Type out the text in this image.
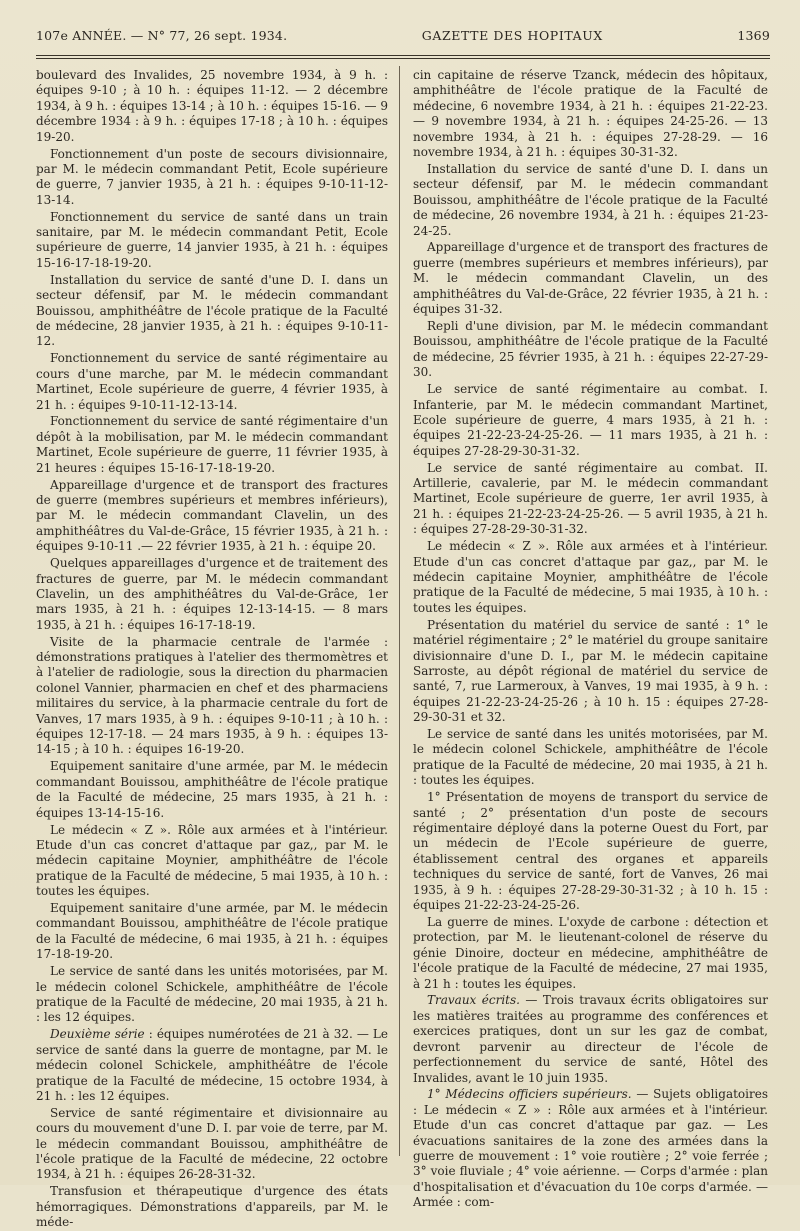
107e ANNÉE. — N° 77, 26 sept. 1934.	GAZETTE DES HOPITAUX	1369

boulevard des Invalides, 25 novembre 1934, à 9 h. : équipes 9-10 ; à 10 h. : équipes 11-12. — 2 décembre 1934, à 9 h. : équipes 13-14 ; à 10 h. : équipes 15-16. — 9 décembre 1934 : à 9 h. : équipes 17-18 ; à 10 h. : équipes 19-20.

Fonctionnement d'un poste de secours divisionnaire, par M. le médecin commandant Petit, Ecole supérieure de guerre, 7 janvier 1935, à 21 h. : équipes 9-10-11-12-13-14.

Fonctionnement du service de santé dans un train sanitaire, par M. le médecin commandant Petit, Ecole supérieure de guerre, 14 janvier 1935, à 21 h. : équipes 15-16-17-18-19-20.

Installation du service de santé d'une D. I. dans un secteur défensif, par M. le médecin commandant Bouissou, amphithéâtre de l'école pratique de la Faculté de médecine, 28 janvier 1935, à 21 h. : équipes 9-10-11-12.

Fonctionnement du service de santé régimentaire au cours d'une marche, par M. le médecin commandant Martinet, Ecole supérieure de guerre, 4 février 1935, à 21 h. : équipes 9-10-11-12-13-14.

Fonctionnement du service de santé régimentaire d'un dépôt à la mobilisation, par M. le médecin commandant Martinet, Ecole supérieure de guerre, 11 février 1935, à 21 heures : équipes 15-16-17-18-19-20.

Appareillage d'urgence et de transport des fractures de guerre (membres supérieurs et membres inférieurs), par M. le médecin commandant Clavelin, un des amphithéâtres du Val-de-Grâce, 15 février 1935, à 21 h. : équipes 9-10-11 .— 22 février 1935, à 21 h. : équipe 20.

Quelques appareillages d'urgence et de traitement des fractures de guerre, par M. le médecin commandant Clavelin, un des amphithéâtres du Val-de-Grâce, 1er mars 1935, à 21 h. : équipes 12-13-14-15. — 8 mars 1935, à 21 h. : équipes 16-17-18-19.

Visite de la pharmacie centrale de l'armée : démonstrations pratiques à l'atelier des thermomètres et à l'atelier de radiologie, sous la direction du pharmacien colonel Vannier, pharmacien en chef et des pharmaciens militaires du service, à la pharmacie centrale du fort de Vanves, 17 mars 1935, à 9 h. : équipes 9-10-11 ; à 10 h. : équipes 12-17-18. — 24 mars 1935, à 9 h. : équipes 13-14-15 ; à 10 h. : équipes 16-19-20.

Equipement sanitaire d'une armée, par M. le médecin commandant Bouissou, amphithéâtre de l'école pratique de la Faculté de médecine, 25 mars 1935, à 21 h. : équipes 13-14-15-16.

Le médecin « Z ». Rôle aux armées et à l'intérieur. Etude d'un cas concret d'attaque par gaz,, par M. le médecin capitaine Moynier, amphithéâtre de l'école pratique de la Faculté de médecine, 5 mai 1935, à 10 h. : toutes les équipes.

Equipement sanitaire d'une armée, par M. le médecin commandant Bouissou, amphithéâtre de l'école pratique de la Faculté de médecine, 6 mai 1935, à 21 h. : équipes 17-18-19-20.

Le service de santé dans les unités motorisées, par M. le médecin colonel Schickele, amphithéâtre de l'école pratique de la Faculté de médecine, 20 mai 1935, à 21 h. : les 12 équipes.

Deuxième série : équipes numérotées de 21 à 32. — Le service de santé dans la guerre de montagne, par M. le médecin colonel Schickele, amphithéâtre de l'école pratique de la Faculté de médecine, 15 octobre 1934, à 21 h. : les 12 équipes.

Service de santé régimentaire et divisionnaire au cours du mouvement d'une D. I. par voie de terre, par M. le médecin commandant Bouissou, amphithéâtre de l'école pratique de la Faculté de médecine, 22 octobre 1934, à 21 h. : équipes 26-28-31-32.

Transfusion et thérapeutique d'urgence des états hémorragiques. Démonstrations d'appareils, par M. le méde-

cin capitaine de réserve Tzanck, médecin des hôpitaux, amphithéâtre de l'école pratique de la Faculté de médecine, 6 novembre 1934, à 21 h. : équipes 21-22-23. — 9 novembre 1934, à 21 h. : équipes 24-25-26. — 13 novembre 1934, à 21 h. : équipes 27-28-29. — 16 novembre 1934, à 21 h. : équipes 30-31-32.

Installation du service de santé d'une D. I. dans un secteur défensif, par M. le médecin commandant Bouissou, amphithéâtre de l'école pratique de la Faculté de médecine, 26 novembre 1934, à 21 h. : équipes 21-23-24-25.

Appareillage d'urgence et de transport des fractures de guerre (membres supérieurs et membres inférieurs), par M. le médecin commandant Clavelin, un des amphithéâtres du Val-de-Grâce, 22 février 1935, à 21 h. : équipes 31-32.

Repli d'une division, par M. le médecin commandant Bouissou, amphithéâtre de l'école pratique de la Faculté de médecine, 25 février 1935, à 21 h. : équipes 22-27-29-30.

Le service de santé régimentaire au combat. I. Infanterie, par M. le médecin commandant Martinet, Ecole supérieure de guerre, 4 mars 1935, à 21 h. : équipes 21-22-23-24-25-26. — 11 mars 1935, à 21 h. : équipes 27-28-29-30-31-32.

Le service de santé régimentaire au combat. II. Artillerie, cavalerie, par M. le médecin commandant Martinet, Ecole supérieure de guerre, 1er avril 1935, à 21 h. : équipes 21-22-23-24-25-26. — 5 avril 1935, à 21 h. : équipes 27-28-29-30-31-32.

Le médecin « Z ». Rôle aux armées et à l'intérieur. Etude d'un cas concret d'attaque par gaz,, par M. le médecin capitaine Moynier, amphithéâtre de l'école pratique de la Faculté de médecine, 5 mai 1935, à 10 h. : toutes les équipes.

Présentation du matériel du service de santé : 1° le matériel régimentaire ; 2° le matériel du groupe sanitaire divisionnaire d'une D. I., par M. le médecin capitaine Sarroste, au dépôt régional de matériel du service de santé, 7, rue Larmeroux, à Vanves, 19 mai 1935, à 9 h. : équipes 21-22-23-24-25-26 ; à 10 h. 15 : équipes 27-28-29-30-31 et 32.

Le service de santé dans les unités motorisées, par M. le médecin colonel Schickele, amphithéâtre de l'école pratique de la Faculté de médecine, 20 mai 1935, à 21 h. : toutes les équipes.

1° Présentation de moyens de transport du service de santé ; 2° présentation d'un poste de secours régimentaire déployé dans la poterne Ouest du Fort, par un médecin de l'Ecole supérieure de guerre, établissement central des organes et appareils techniques du service de santé, fort de Vanves, 26 mai 1935, à 9 h. : équipes 27-28-29-30-31-32 ; à 10 h. 15 : équipes 21-22-23-24-25-26.

La guerre de mines. L'oxyde de carbone : détection et protection, par M. le lieutenant-colonel de réserve du génie Dinoire, docteur en médecine, amphithéâtre de l'école pratique de la Faculté de médecine, 27 mai 1935, à 21 h : toutes les équipes.

Travaux écrits. — Trois travaux écrits obligatoires sur les matières traitées au programme des conférences et exercices pratiques, dont un sur les gaz de combat, devront parvenir au directeur de l'école de perfectionnement du service de santé, Hôtel des Invalides, avant le 10 juin 1935.

1° Médecins officiers supérieurs. — Sujets obligatoires : Le médecin « Z » : Rôle aux armées et à l'intérieur. Etude d'un cas concret d'attaque par gaz. — Les évacuations sanitaires de la zone des armées dans la guerre de mouvement : 1° voie routière ; 2° voie ferrée ; 3° voie fluviale ; 4° voie aérienne. — Corps d'armée : plan d'hospitalisation et d'évacuation du 10e corps d'armée. — Armée : com-
